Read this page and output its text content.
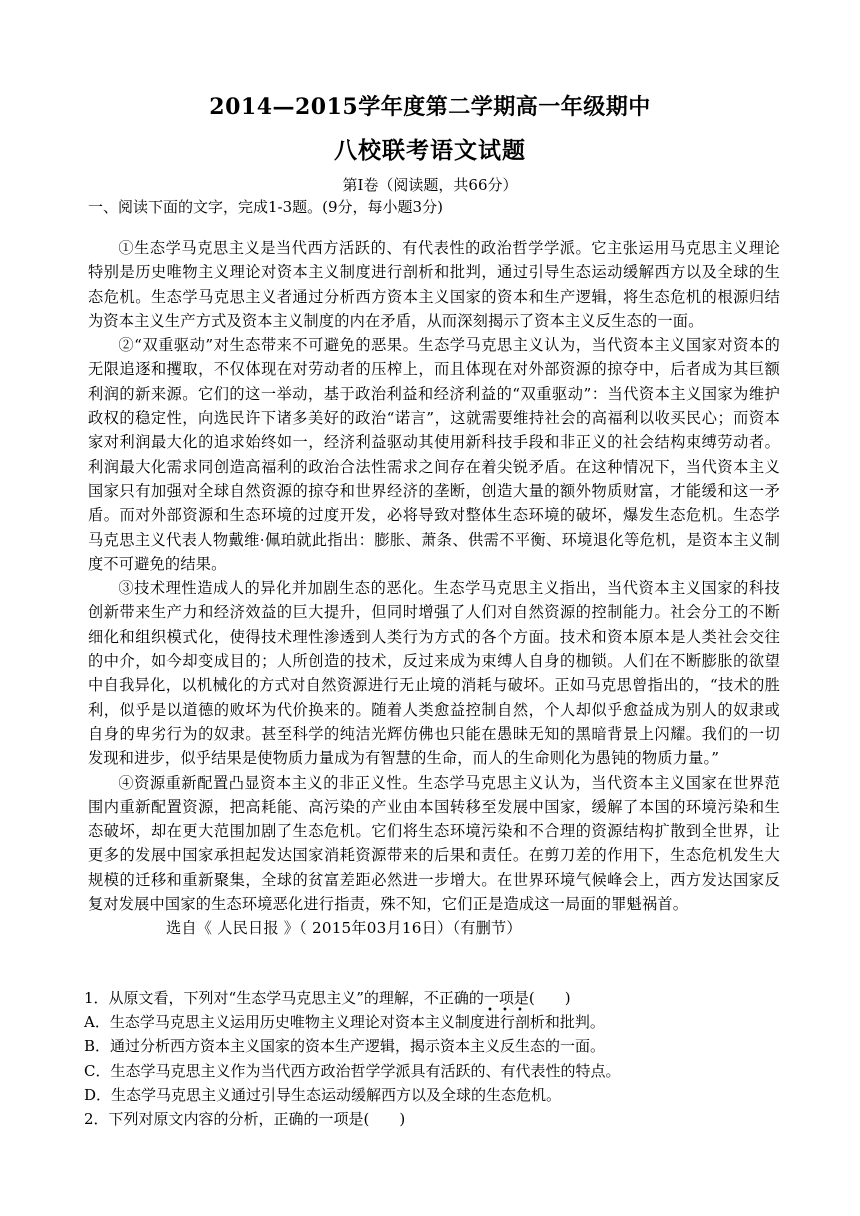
2014—2015学年度第二学期高一年级期中
八校联考语文试题
第Ⅰ卷（阅读题，共66分）
一、阅读下面的文字，完成1-3题。(9分，每小题3分)

①生态学马克思主义是当代西方活跃的、有代表性的政治哲学学派。它主张运用马克思主义理论特别是历史唯物主义理论对资本主义制度进行剖析和批判，通过引导生态运动缓解西方以及全球的生态危机。生态学马克思主义者通过分析西方资本主义国家的资本和生产逻辑，将生态危机的根源归结为资本主义生产方式及资本主义制度的内在矛盾，从而深刻揭示了资本主义反生态的一面。

②“双重驱动”对生态带来不可避免的恶果。生态学马克思主义认为，当代资本主义国家对资本的无限追逐和攫取，不仅体现在对劳动者的压榨上，而且体现在对外部资源的掠夺中，后者成为其巨额利润的新来源。它们的这一举动，基于政治利益和经济利益的“双重驱动”：当代资本主义国家为维护政权的稳定性，向选民许下诸多美好的政治“诺言”，这就需要维持社会的高福利以收买民心；而资本家对利润最大化的追求始终如一，经济利益驱动其使用新科技手段和非正义的社会结构束缚劳动者。利润最大化需求同创造高福利的政治合法性需求之间存在着尖锐矛盾。在这种情况下，当代资本主义国家只有加强对全球自然资源的掠夺和世界经济的垄断，创造大量的额外物质财富，才能缓和这一矛盾。而对外部资源和生态环境的过度开发，必将导致对整体生态环境的破坏，爆发生态危机。生态学马克思主义代表人物戴维·佩珀就此指出：膨胀、萧条、供需不平衡、环境退化等危机，是资本主义制度不可避免的结果。

③技术理性造成人的异化并加剧生态的恶化。生态学马克思主义指出，当代资本主义国家的科技创新带来生产力和经济效益的巨大提升，但同时增强了人们对自然资源的控制能力。社会分工的不断细化和组织模式化，使得技术理性渗透到人类行为方式的各个方面。技术和资本原本是人类社会交往的中介，如今却变成目的；人所创造的技术，反过来成为束缚人自身的枷锁。人们在不断膨胀的欲望中自我异化，以机械化的方式对自然资源进行无止境的消耗与破坏。正如马克思曾指出的，“技术的胜利，似乎是以道德的败坏为代价换来的。随着人类愈益控制自然，个人却似乎愈益成为别人的奴隶或自身的卑劣行为的奴隶。甚至科学的纯洁光辉仿佛也只能在愚昧无知的黑暗背景上闪耀。我们的一切发现和进步，似乎结果是使物质力量成为有智慧的生命，而人的生命则化为愚钝的物质力量。”

④资源重新配置凸显资本主义的非正义性。生态学马克思主义认为，当代资本主义国家在世界范围内重新配置资源，把高耗能、高污染的产业由本国转移至发展中国家，缓解了本国的环境污染和生态破坏，却在更大范围加剧了生态危机。它们将生态环境污染和不合理的资源结构扩散到全世界，让更多的发展中国家承担起发达国家消耗资源带来的后果和责任。在剪刀差的作用下，生态危机发生大规模的迁移和重新聚集，全球的贫富差距必然进一步增大。在世界环境气候峰会上，西方发达国家反复对发展中国家的生态环境恶化进行指责，殊不知，它们正是造成这一局面的罪魁祸首。

选自《 人民日报 》（ 2015年03月16日）（有删节）

1．从原文看，下列对“生态学马克思主义”的理解，不正确的一项是(　　)
• • •
A．生态学马克思主义运用历史唯物主义理论对资本主义制度进行剖析和批判。
B．通过分析西方资本主义国家的资本生产逻辑，揭示资本主义反生态的一面。
C．生态学马克思主义作为当代西方政治哲学学派具有活跃的、有代表性的特点。
D．生态学马克思主义通过引导生态运动缓解西方以及全球的生态危机。
2．下列对原文内容的分析，正确的一项是(　　)
